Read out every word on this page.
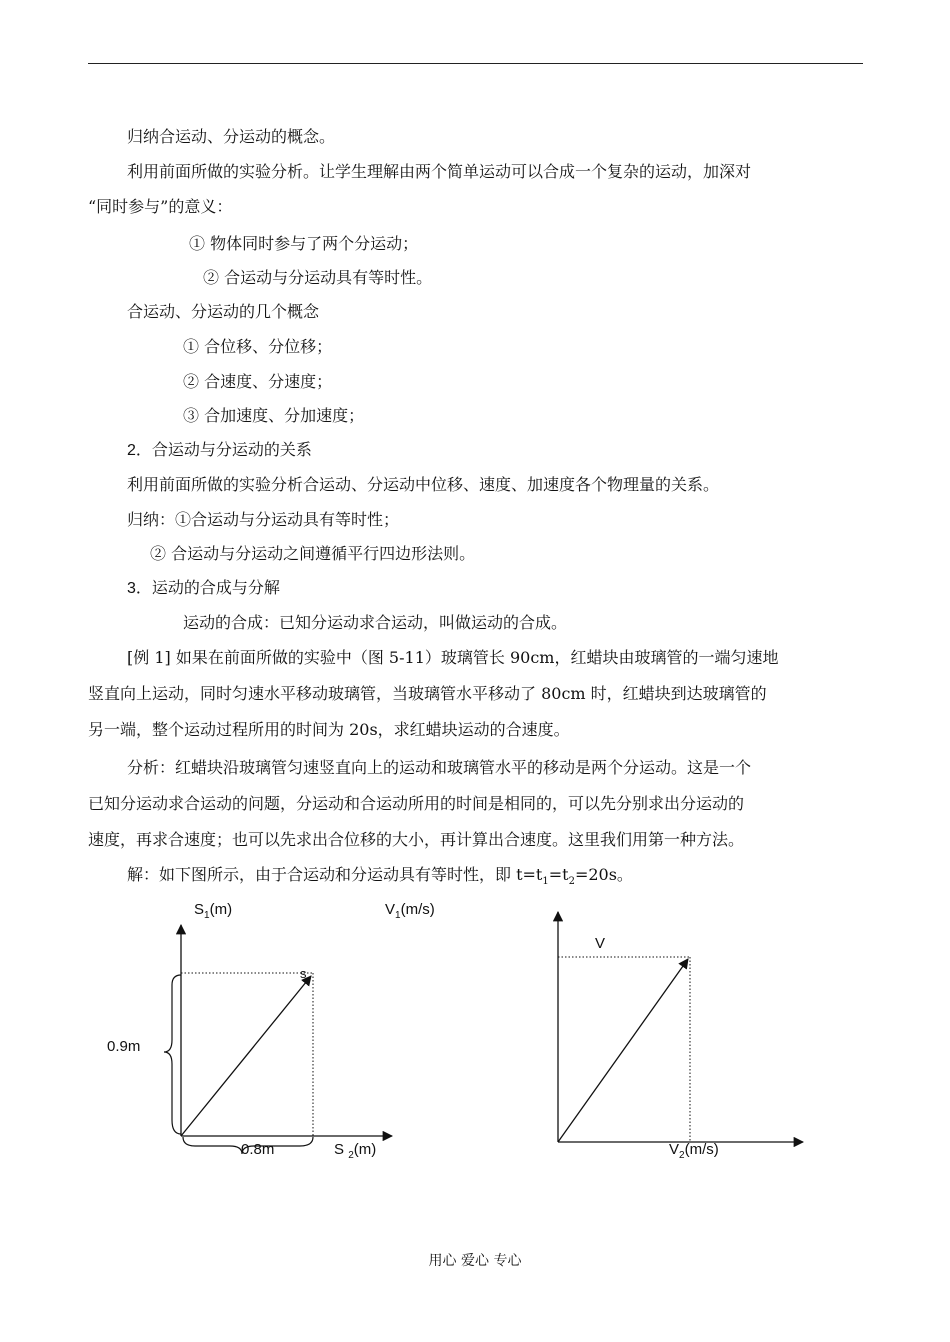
归纳合运动、分运动的概念。
利用前面所做的实验分析。让学生理解由两个简单运动可以合成一个复杂的运动，加深对
“同时参与”的意义：
① 物体同时参与了两个分运动；
② 合运动与分运动具有等时性。
合运动、分运动的几个概念
① 合位移、分位移；
② 合速度、分速度；
③ 合加速度、分加速度；
2．合运动与分运动的关系
利用前面所做的实验分析合运动、分运动中位移、速度、加速度各个物理量的关系。
归纳：①合运动与分运动具有等时性；
② 合运动与分运动之间遵循平行四边形法则。
3．运动的合成与分解
运动的合成：已知分运动求合运动，叫做运动的合成。
[例 1] 如果在前面所做的实验中（图 5-11）玻璃管长 90cm，红蜡块由玻璃管的一端匀速地
竖直向上运动，同时匀速水平移动玻璃管，当玻璃管水平移动了 80cm 时，红蜡块到达玻璃管的
另一端，整个运动过程所用的时间为 20s，求红蜡块运动的合速度。
分析：红蜡块沿玻璃管匀速竖直向上的运动和玻璃管水平的移动是两个分运动。这是一个
已知分运动求合运动的问题，分运动和合运动所用的时间是相同的，可以先分别求出分运动的
速度，再求合速度；也可以先求出合位移的大小，再计算出合速度。这里我们用第一种方法。
解：如下图所示，由于合运动和分运动具有等时性，即 $t=t_1=t_2=20s$。
$S_1(m)$
s
0.9m
0.8m	S $_2$(m)
$V_1(m/s)$
V
$V_2(m/s)$
用心 爱心 专心
